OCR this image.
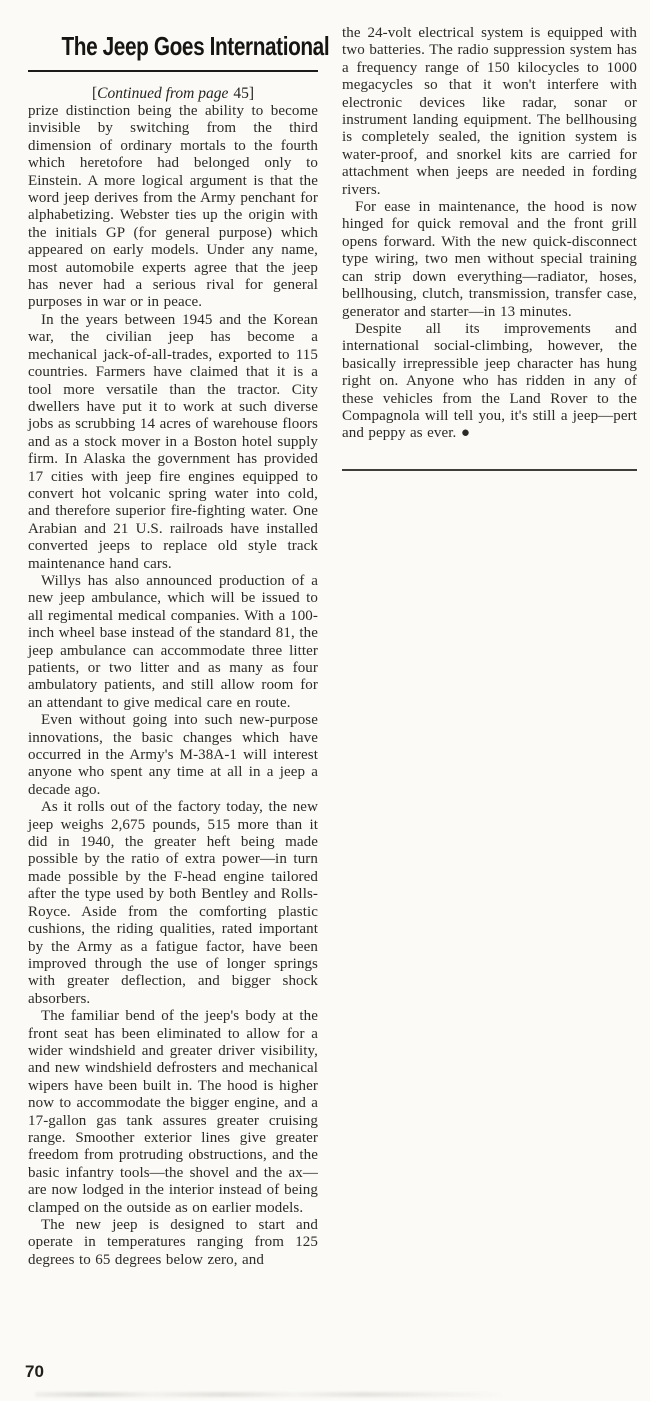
The Jeep Goes International

[Continued from page 45]

prize distinction being the ability to become invisible by switching from the third dimension of ordinary mortals to the fourth which heretofore had belonged only to Einstein. A more logical argument is that the word jeep derives from the Army penchant for alphabetizing. Webster ties up the origin with the initials GP (for general purpose) which appeared on early models. Under any name, most automobile experts agree that the jeep has never had a serious rival for general purposes in war or in peace.

In the years between 1945 and the Korean war, the civilian jeep has become a mechanical jack-of-all-trades, exported to 115 countries. Farmers have claimed that it is a tool more versatile than the tractor. City dwellers have put it to work at such diverse jobs as scrubbing 14 acres of warehouse floors and as a stock mover in a Boston hotel supply firm. In Alaska the government has provided 17 cities with jeep fire engines equipped to convert hot volcanic spring water into cold, and therefore superior fire-fighting water. One Arabian and 21 U.S. railroads have installed converted jeeps to replace old style track maintenance hand cars.

Willys has also announced production of a new jeep ambulance, which will be issued to all regimental medical companies. With a 100-inch wheel base instead of the standard 81, the jeep ambulance can accommodate three litter patients, or two litter and as many as four ambulatory patients, and still allow room for an attendant to give medical care en route.

Even without going into such new-purpose innovations, the basic changes which have occurred in the Army's M-38A-1 will interest anyone who spent any time at all in a jeep a decade ago.

As it rolls out of the factory today, the new jeep weighs 2,675 pounds, 515 more than it did in 1940, the greater heft being made possible by the ratio of extra power—in turn made possible by the F-head engine tailored after the type used by both Bentley and Rolls-Royce. Aside from the comforting plastic cushions, the riding qualities, rated important by the Army as a fatigue factor, have been improved through the use of longer springs with greater deflection, and bigger shock absorbers.

The familiar bend of the jeep's body at the front seat has been eliminated to allow for a wider windshield and greater driver visibility, and new windshield defrosters and mechanical wipers have been built in. The hood is higher now to accommodate the bigger engine, and a 17-gallon gas tank assures greater cruising range. Smoother exterior lines give greater freedom from protruding obstructions, and the basic infantry tools—the shovel and the ax—are now lodged in the interior instead of being clamped on the outside as on earlier models.

The new jeep is designed to start and operate in temperatures ranging from 125 degrees to 65 degrees below zero, and

the 24-volt electrical system is equipped with two batteries. The radio suppression system has a frequency range of 150 kilocycles to 1000 megacycles so that it won't interfere with electronic devices like radar, sonar or instrument landing equipment. The bellhousing is completely sealed, the ignition system is water-proof, and snorkel kits are carried for attachment when jeeps are needed in fording rivers.

For ease in maintenance, the hood is now hinged for quick removal and the front grill opens forward. With the new quick-disconnect type wiring, two men without special training can strip down everything—radiator, hoses, bellhousing, clutch, transmission, transfer case, generator and starter—in 13 minutes.

Despite all its improvements and international social-climbing, however, the basically irrepressible jeep character has hung right on. Anyone who has ridden in any of these vehicles from the Land Rover to the Compagnola will tell you, it's still a jeep—pert and peppy as ever. ●

70
